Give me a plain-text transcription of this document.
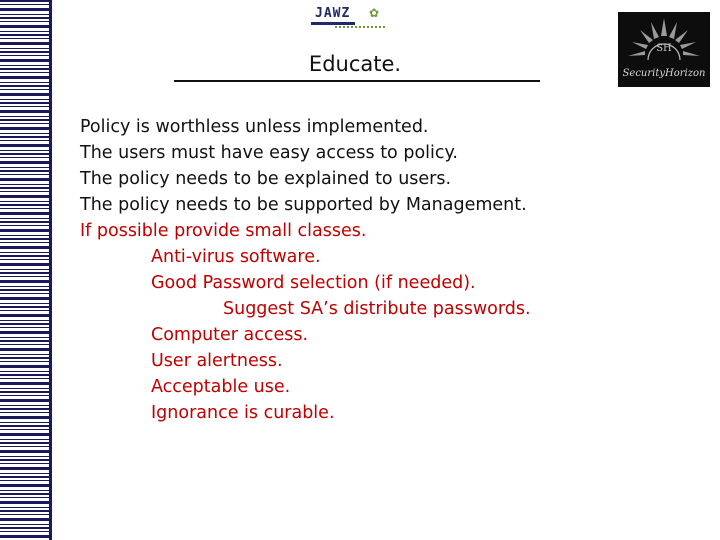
JAWZ ✿
SH
SecurityHorizon
Educate.
Policy is worthless unless implemented.
The users must have easy access to policy.
The policy needs to be explained to users.
The policy needs to be supported by Management.
If possible provide small classes.
Anti-virus software.
Good Password selection (if needed).
Suggest SA’s distribute passwords.
Computer access.
User alertness.
Acceptable use.
Ignorance is curable.
